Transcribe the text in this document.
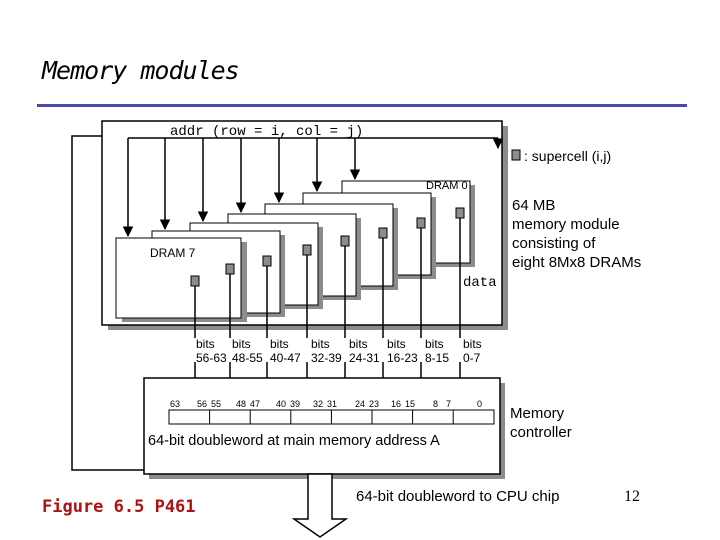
Memory modules
addr (row = i, col = j)
: supercell (i,j)
DRAM 0
DRAM 7
data
64 MB
memory module
consisting of
eight 8Mx8 DRAMs
bits
56-63
bits
48-55
bits
40-47
bits
32-39
bits
24-31
bits
16-23
bits
8-15
bits
0-7
63 56 55 48 47 40 39 32 31 24 23 16 15 8 7	0
64-bit doubleword at main memory address A
Memory
controller
64-bit doubleword to CPU chip
Figure 6.5 P461
12
